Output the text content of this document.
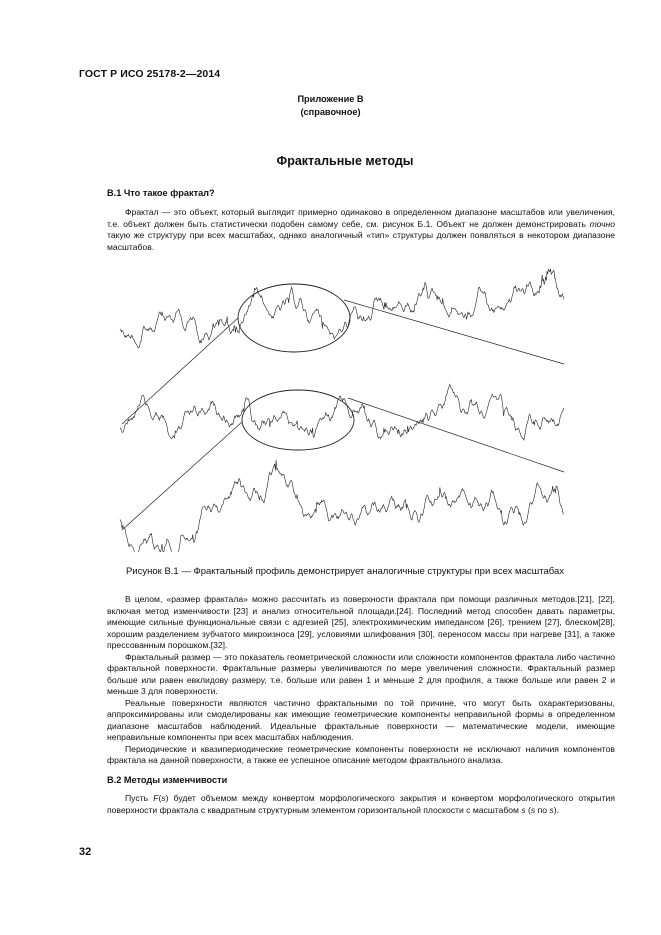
ГОСТ Р ИСО 25178-2—2014
Приложение В
(справочное)
Фрактальные методы
В.1 Что такое фрактал?

Фрактал — это объект, который выглядит примерно одинаково в определенном диапазоне масштабов или увеличения, т.е. объект должен быть статистически подобен самому себе, см. рисунок Б.1. Объект не должен демонстрировать точно такую же структуру при всех масштабах, однако аналогичный «тип» структуры должен появляться в некотором диапазоне масштабов.

Рисунок В.1 — Фрактальный профиль демонстрирует аналогичные структуры при всех масштабах

В целом, «размер фрактала» можно рассчитать из поверхности фрактала при помощи различных методов.[21], [22], включая метод изменчивости [23] и анализ относительной площади.[24]. Последний метод способен давать параметры, имеющие сильные функциональные связи с адгезией [25], электрохимическим импедансом [26], трением [27], блеском[28], хорошим разделением зубчатого микроизноса [29], условиями шлифования [30], переносом массы при нагреве [31], а также прессованным порошком.[32].

Фрактальный размер — это показатель геометрической сложности или сложности компонентов фрактала либо частично фрактальной поверхности. Фрактальные размеры увеличиваются по мере увеличения сложности. Фрактальный размер больше или равен евклидову размеру, т.е. больше или равен 1 и меньше 2 для профиля, а также больше или равен 2 и меньше 3 для поверхности.

Реальные поверхности являются частично фрактальными по той причине, что могут быть охарактеризованы, аппроксимированы или смоделированы как имеющие геометрические компоненты неправильной формы в определенном диапазоне масштабов наблюдений. Идеальные фрактальные поверхности — математические модели, имеющие неправильные компоненты при всех масштабах наблюдения.

Периодические и квазипериодические геометрические компоненты поверхности не исключают наличия компонентов фрактала на данной поверхности, а также ее успешное описание методом фрактального анализа.

В.2 Методы изменчивости

Пусть F(s) будет объемом между конвертом морфологического закрытия и конвертом морфологического открытия поверхности фрактала с квадратным структурным элементом горизонтальной плоскости с масштабом s (s по s).

32
